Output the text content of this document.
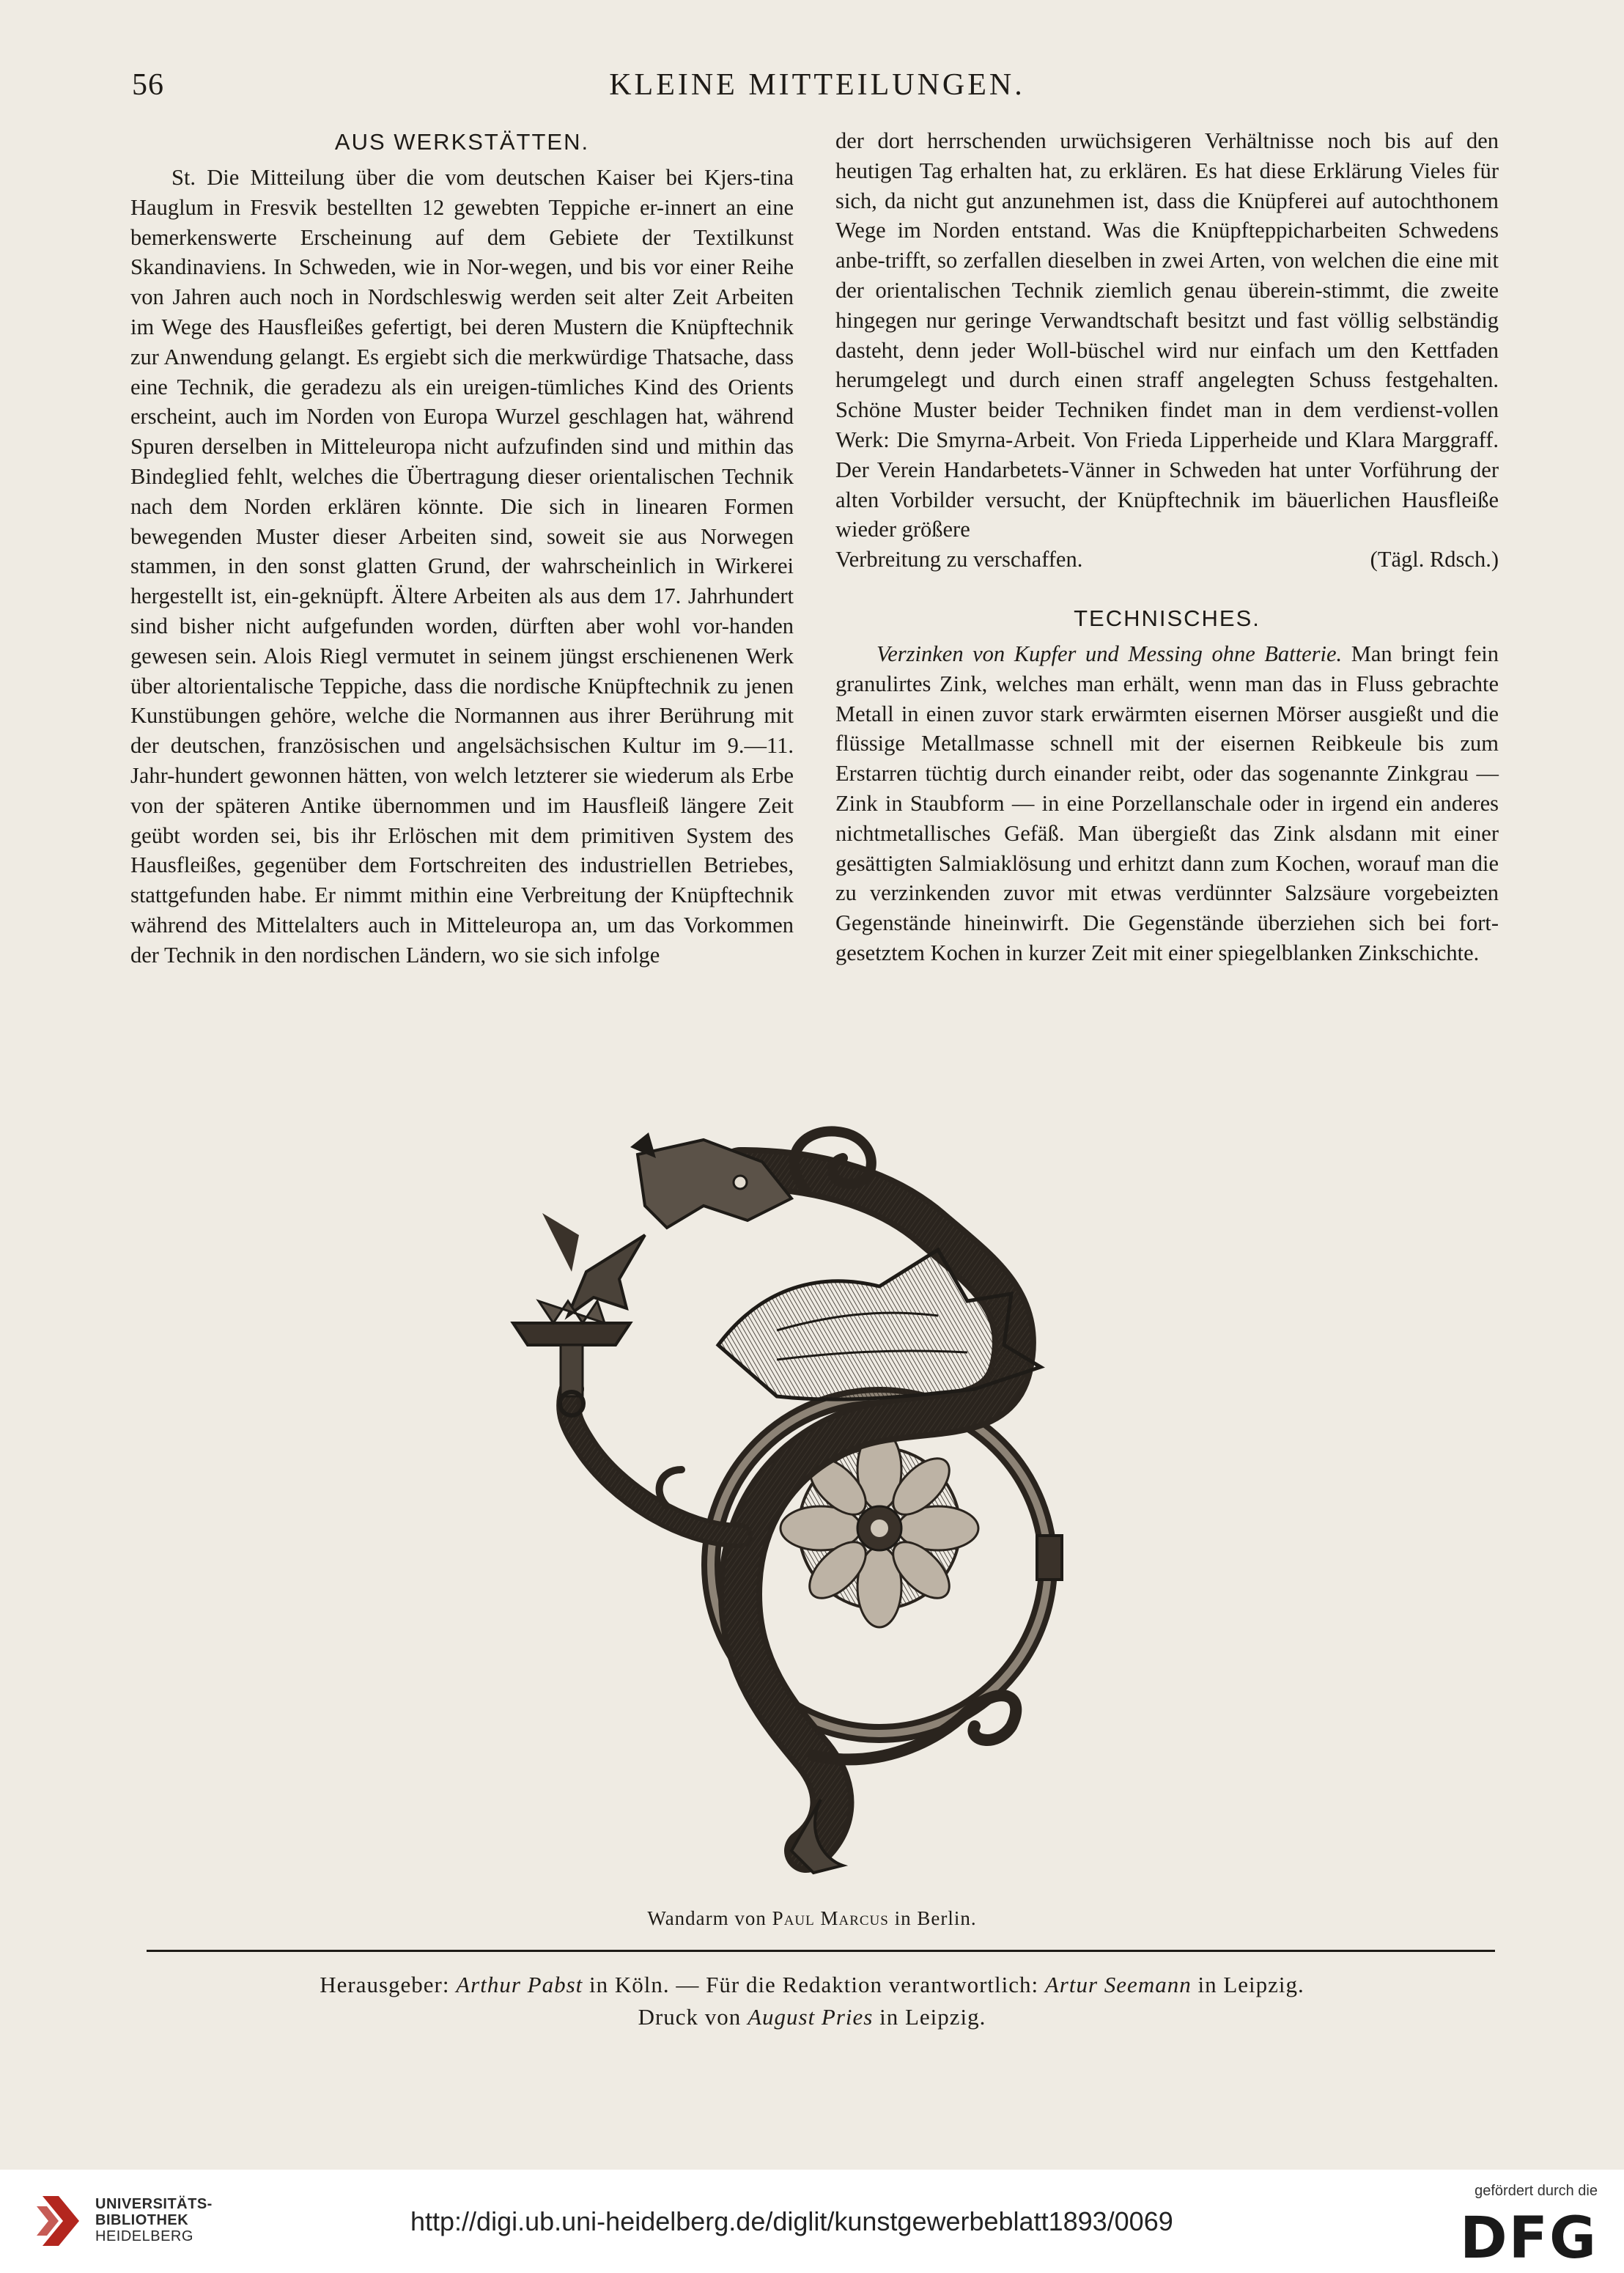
56	KLEINE MITTEILUNGEN.
AUS WERKSTÄTTEN.

St. Die Mitteilung über die vom deutschen Kaiser bei Kjers-tina Hauglum in Fresvik bestellten 12 gewebten Teppiche er-innert an eine bemerkenswerte Erscheinung auf dem Gebiete der Textilkunst Skandinaviens. In Schweden, wie in Nor-wegen, und bis vor einer Reihe von Jahren auch noch in Nordschleswig werden seit alter Zeit Arbeiten im Wege des Hausfleißes gefertigt, bei deren Mustern die Knüpftechnik zur Anwendung gelangt. Es ergiebt sich die merkwürdige Thatsache, dass eine Technik, die geradezu als ein ureigen-tümliches Kind des Orients erscheint, auch im Norden von Europa Wurzel geschlagen hat, während Spuren derselben in Mitteleuropa nicht aufzufinden sind und mithin das Bindeglied fehlt, welches die Übertragung dieser orientalischen Technik nach dem Norden erklären könnte. Die sich in linearen Formen bewegenden Muster dieser Arbeiten sind, soweit sie aus Norwegen stammen, in den sonst glatten Grund, der wahrscheinlich in Wirkerei hergestellt ist, ein-geknüpft. Ältere Arbeiten als aus dem 17. Jahrhundert sind bisher nicht aufgefunden worden, dürften aber wohl vor-handen gewesen sein. Alois Riegl vermutet in seinem jüngst erschienenen Werk über altorientalische Teppiche, dass die nordische Knüpftechnik zu jenen Kunstübungen gehöre, welche die Normannen aus ihrer Berührung mit der deutschen, französischen und angelsächsischen Kultur im 9.—11. Jahr-hundert gewonnen hätten, von welch letzterer sie wiederum als Erbe von der späteren Antike übernommen und im Hausfleiß längere Zeit geübt worden sei, bis ihr Erlöschen mit dem primitiven System des Hausfleißes, gegenüber dem Fortschreiten des industriellen Betriebes, stattgefunden habe. Er nimmt mithin eine Verbreitung der Knüpftechnik während des Mittelalters auch in Mitteleuropa an, um das Vorkommen der Technik in den nordischen Ländern, wo sie sich infolge

der dort herrschenden urwüchsigeren Verhältnisse noch bis auf den heutigen Tag erhalten hat, zu erklären. Es hat diese Erklärung Vieles für sich, da nicht gut anzunehmen ist, dass die Knüpferei auf autochthonem Wege im Norden entstand. Was die Knüpfteppicharbeiten Schwedens anbe-trifft, so zerfallen dieselben in zwei Arten, von welchen die eine mit der orientalischen Technik ziemlich genau überein-stimmt, die zweite hingegen nur geringe Verwandtschaft besitzt und fast völlig selbständig dasteht, denn jeder Woll-büschel wird nur einfach um den Kettfaden herumgelegt und durch einen straff angelegten Schuss festgehalten. Schöne Muster beider Techniken findet man in dem verdienst-vollen Werk: Die Smyrna-Arbeit. Von Frieda Lipperheide und Klara Marggraff. Der Verein Handarbetets-Vänner in Schweden hat unter Vorführung der alten Vorbilder versucht, der Knüpftechnik im bäuerlichen Hausfleiße wieder größere

Verbreitung zu verschaffen.	(Tägl. Rdsch.)

TECHNISCHES.

Verzinken von Kupfer und Messing ohne Batterie. Man bringt fein granulirtes Zink, welches man erhält, wenn man das in Fluss gebrachte Metall in einen zuvor stark erwärmten eisernen Mörser ausgießt und die flüssige Metallmasse schnell mit der eisernen Reibkeule bis zum Erstarren tüchtig durch einander reibt, oder das sogenannte Zinkgrau — Zink in Staubform — in eine Porzellanschale oder in irgend ein anderes nichtmetallisches Gefäß. Man übergießt das Zink alsdann mit einer gesättigten Salmiaklösung und erhitzt dann zum Kochen, worauf man die zu verzinkenden zuvor mit etwas verdünnter Salzsäure vorgebeizten Gegenstände hineinwirft. Die Gegenstände überziehen sich bei fort-gesetztem Kochen in kurzer Zeit mit einer spiegelblanken Zinkschichte.

Wandarm von Paul Marcus in Berlin.

Herausgeber: Arthur Pabst in Köln. — Für die Redaktion verantwortlich: Artur Seemann in Leipzig.

Druck von August Pries in Leipzig.

UNIVERSITÄTS-
BIBLIOTHEK
HEIDELBERG	http://digi.ub.uni-heidelberg.de/diglit/kunstgewerbeblatt1893/0069
gefördert durch die
DFG
